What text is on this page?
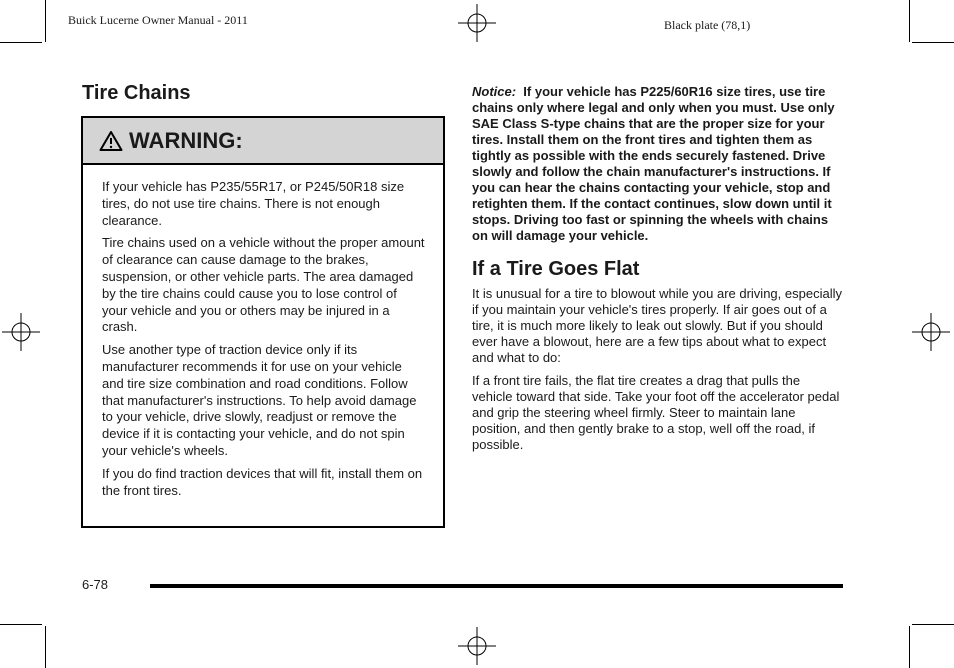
Buick Lucerne Owner Manual - 2011	Black plate (78,1)
Tire Chains
WARNING:

If your vehicle has P235/55R17, or P245/50R18 size tires, do not use tire chains. There is not enough clearance.

Tire chains used on a vehicle without the proper amount of clearance can cause damage to the brakes, suspension, or other vehicle parts. The area damaged by the tire chains could cause you to lose control of your vehicle and you or others may be injured in a crash.

Use another type of traction device only if its manufacturer recommends it for use on your vehicle and tire size combination and road conditions. Follow that manufacturer's instructions. To help avoid damage to your vehicle, drive slowly, readjust or remove the device if it is contacting your vehicle, and do not spin your vehicle's wheels.

If you do find traction devices that will fit, install them on the front tires.

Notice: If your vehicle has P225/60R16 size tires, use tire chains only where legal and only when you must. Use only SAE Class S-type chains that are the proper size for your tires. Install them on the front tires and tighten them as tightly as possible with the ends securely fastened. Drive slowly and follow the chain manufacturer's instructions. If you can hear the chains contacting your vehicle, stop and retighten them. If the contact continues, slow down until it stops. Driving too fast or spinning the wheels with chains on will damage your vehicle.

If a Tire Goes Flat

It is unusual for a tire to blowout while you are driving, especially if you maintain your vehicle's tires properly. If air goes out of a tire, it is much more likely to leak out slowly. But if you should ever have a blowout, here are a few tips about what to expect and what to do:

If a front tire fails, the flat tire creates a drag that pulls the vehicle toward that side. Take your foot off the accelerator pedal and grip the steering wheel firmly. Steer to maintain lane position, and then gently brake to a stop, well off the road, if possible.

6-78
